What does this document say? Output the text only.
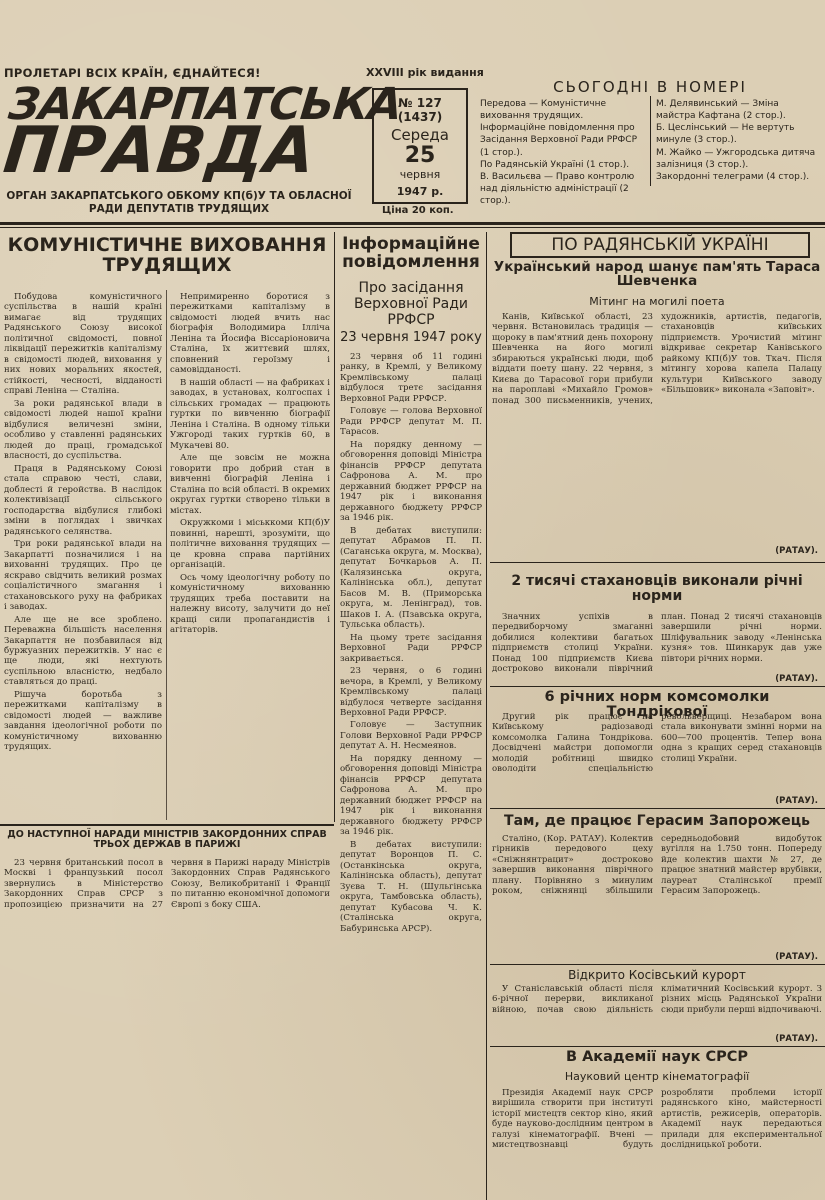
ПРОЛЕТАРІ ВСІХ КРАЇН, ЄДНАЙТЕСЯ!
ЗАКАРПАТСЬКА
ПРАВДА
ОРГАН ЗАКАРПАТСЬКОГО ОБКОМУ КП(б)У ТА ОБЛАСНОЇ РАДИ ДЕПУТАТІВ ТРУДЯЩИХ
XXVIII рік видання
№ 127 (1437)
Середа
25
червня
1947 р.
Ціна 20 коп.
СЬОГОДНІ В НОМЕРІ
Передова — Комуністичне виховання трудящих.
Інформаційне повідомлення про Засідання Верховної Ради РРФСР (1 стор.).
По Радянській Україні (1 стор.).
В. Васильєва — Право контролю над діяльністю адміністрації (2 стор.).
М. Делявинський — Зміна майстра Кафтана (2 стор.).
Б. Цеслінський — Не вертуть минуле (3 стор.).
М. Жайко — Ужгородська дитяча залізниця (3 стор.).
Закордонні телеграми (4 стор.).
КОМУНІСТИЧНЕ ВИХОВАННЯ ТРУДЯЩИХ

Побудова комуністичного суспільства в нашій країні вимагає від трудящих Радянського Союзу високої політичної свідомості, повної ліквідації пережитків капіталізму в свідомості людей, виховання у них нових моральних якостей, стійкості, чесності, відданості справі Леніна — Сталіна.

За роки радянської влади в свідомості людей нашої країни відбулися величезні зміни, особливо у ставленні радянських людей до праці, громадської власності, до суспільства.

Праця в Радянському Союзі стала справою честі, слави, доблесті й геройства. В наслідок колективізації сільського господарства відбулися глибокі зміни в поглядах і звичках радянського селянства.

Три роки радянської влади на Закарпатті позначилися і на вихованні трудящих. Про це яскраво свідчить великий розмах соціалістичного змагання і стахановського руху на фабриках і заводах.

Але ще не все зроблено. Переважна більшість населення Закарпаття не позбавилася від буржуазних пережитків. У нас є ще люди, які нехтують суспільною власністю, недбало ставляться до праці.

Рішуча боротьба з пережитками капіталізму в свідомості людей — важливе завдання ідеологічної роботи по комуністичному вихованню трудящих.

Непримиренно боротися з пережитками капіталізму в свідомості людей вчить нас біографія Володимира Ілліча Леніна та Йосифа Віссаріоновича Сталіна, їх життєвий шлях, сповнений героїзму і самовідданості.

В нашій області — на фабриках і заводах, в установах, колгоспах і сільських громадах — працюють гуртки по вивченню біографії Леніна і Сталіна. В одному тільки Ужгороді таких гуртків 60, в Мукачеві 80.

Але ще зовсім не можна говорити про добрий стан в вивченні біографій Леніна і Сталіна по всій області. В окремих округах гуртки створено тільки в містах.

Окружкоми і міськкоми КП(б)У повинні, нарешті, зрозуміти, що політичне виховання трудящих — це кровна справа партійних організацій.

Ось чому ідеологічну роботу по комуністичному вихованню трудящих треба поставити на належну висоту, залучити до неї кращі сили пропагандистів і агітаторів.

Інформаційне повідомлення
Про засідання Верховної Ради РРФСР
23 червня 1947 року

23 червня об 11 годині ранку, в Кремлі, у Великому Кремлівському палаці відбулося третє засідання Верховної Ради РРФСР.

Головує — голова Верховної Ради РРФСР депутат М. П. Тарасов.

На порядку денному — обговорення доповіді Міністра фінансів РРФСР депутата Сафронова А. М. про державний бюджет РРФСР на 1947 рік і виконання державного бюджету РРФСР за 1946 рік.

В дебатах виступили: депутат Абрамов П. П. (Саганська округа, м. Москва), депутат Бочкарьов А. П. (Калязинська округа, Калінінська обл.), депутат Басов М. В. (Приморська округа, м. Ленінград), тов. Шаков І. А. (Пзавська округа, Тульська область).

На цьому третє засідання Верховної Ради РРФСР закривається.

23 червня, о 6 годині вечора, в Кремлі, у Великому Кремлівському палаці відбулося четверте засідання Верховної Ради РРФСР.

Головує — Заступник Голови Верховної Ради РРФСР депутат А. Н. Несмеянов.

На порядку денному — обговорення доповіді Міністра фінансів РРФСР депутата Сафронова А. М. про державний бюджет РРФСР на 1947 рік і виконання державного бюджету РРФСР за 1946 рік.

В дебатах виступили: депутат Воронцов П. С. (Останкінська округа, Калінінська область), депутат Зуєва Т. Н. (Шульгінська округа, Тамбовська область), депутат Кубасова Ч. К. (Сталінська округа, Бабуринська АРСР).

ДО НАСТУПНОЇ НАРАДИ МІНІСТРІВ ЗАКОРДОННИХ СПРАВ ТРЬОХ ДЕРЖАВ В ПАРИЖІ

23 червня британський посол в Москві і французький посол звернулись в Міністерство Закордонних Справ СРСР з пропозицією призначити на 27 червня в Парижі нараду Міністрів Закордонних Справ Радянського Союзу, Великобританії і Франції по питанню економічної допомоги Європі з боку США.

ПО РАДЯНСЬКІЙ УКРАЇНІ
Український народ шанує пам'ять Тараса Шевченка
Мітинг на могилі поета

Канів, Київської області, 23 червня. Встановилась традиція — щороку в пам'ятний день похорону Шевченка на його могилі збираються українські люди, щоб віддати поету шану. 22 червня, з Києва до Тарасової гори прибули на пароплаві «Михайло Громов» понад 300 письменників, учених, художників, артистів, педагогів, стахановців київських підприємств. Урочистий мітинг відкриває секретар Канівського райкому КП(б)У тов. Ткач. Після мітингу хорова капела Палацу культури Київського заводу «Більшовик» виконала «Заповіт».

(РАТАУ).
2 тисячі стахановців виконали річні норми

Значних успіхів в передвиборчому змаганні добилися колективи багатьох підприємств столиці України. Понад 100 підприємств Києва достроково виконали піврічний план. Понад 2 тисячі стахановців завершили річні норми. Шліфувальник заводу «Ленінська кузня» тов. Шинкарук дав уже півтори річних норми.

(РАТАУ).
6 річних норм комсомолки Тондрікової

Другий рік працює на Київському радіозаводі комсомолка Галина Тондрікова. Досвідчені майстри допомогли молодій робітниці швидко оволодіти спеціальністю револьверщиці. Незабаром вона стала виконувати змінні норми на 600—700 процентів. Тепер вона одна з кращих серед стахановців столиці України.

(РАТАУ).
Там, де працює Герасим Запорожець

Сталіно, (Кор. РАТАУ). Колектив гірників передового цеху «Сніжнянтрацит» достроково завершив виконання піврічного плану. Порівняно з минулим роком, сніжнянці збільшили середньодобовий видобуток вугілля на 1.750 тонн. Попереду йде колектив шахти № 27, де працює знатний майстер врубівки, лауреат Сталінської премії Герасим Запорожець.

(РАТАУ).
Відкрито Косівський курорт

У Станіславській області після 6-річної перерви, викликаної війною, почав свою діяльність кліматичний Косівський курорт. З різних місць Радянської України сюди прибули перші відпочиваючі.

(РАТАУ).
В Академії наук СРСР
Науковий центр кінематографії

Президія Академії наук СРСР вирішила створити при інституті історії мистецтв сектор кіно, який буде науково-дослідним центром в галузі кінематографії. Вчені — мистецтвознавці будуть розробляти проблеми історії радянського кіно, майстерності артистів, режисерів, операторів. Академії наук передаються прилади для експериментальної дослідницької роботи.
